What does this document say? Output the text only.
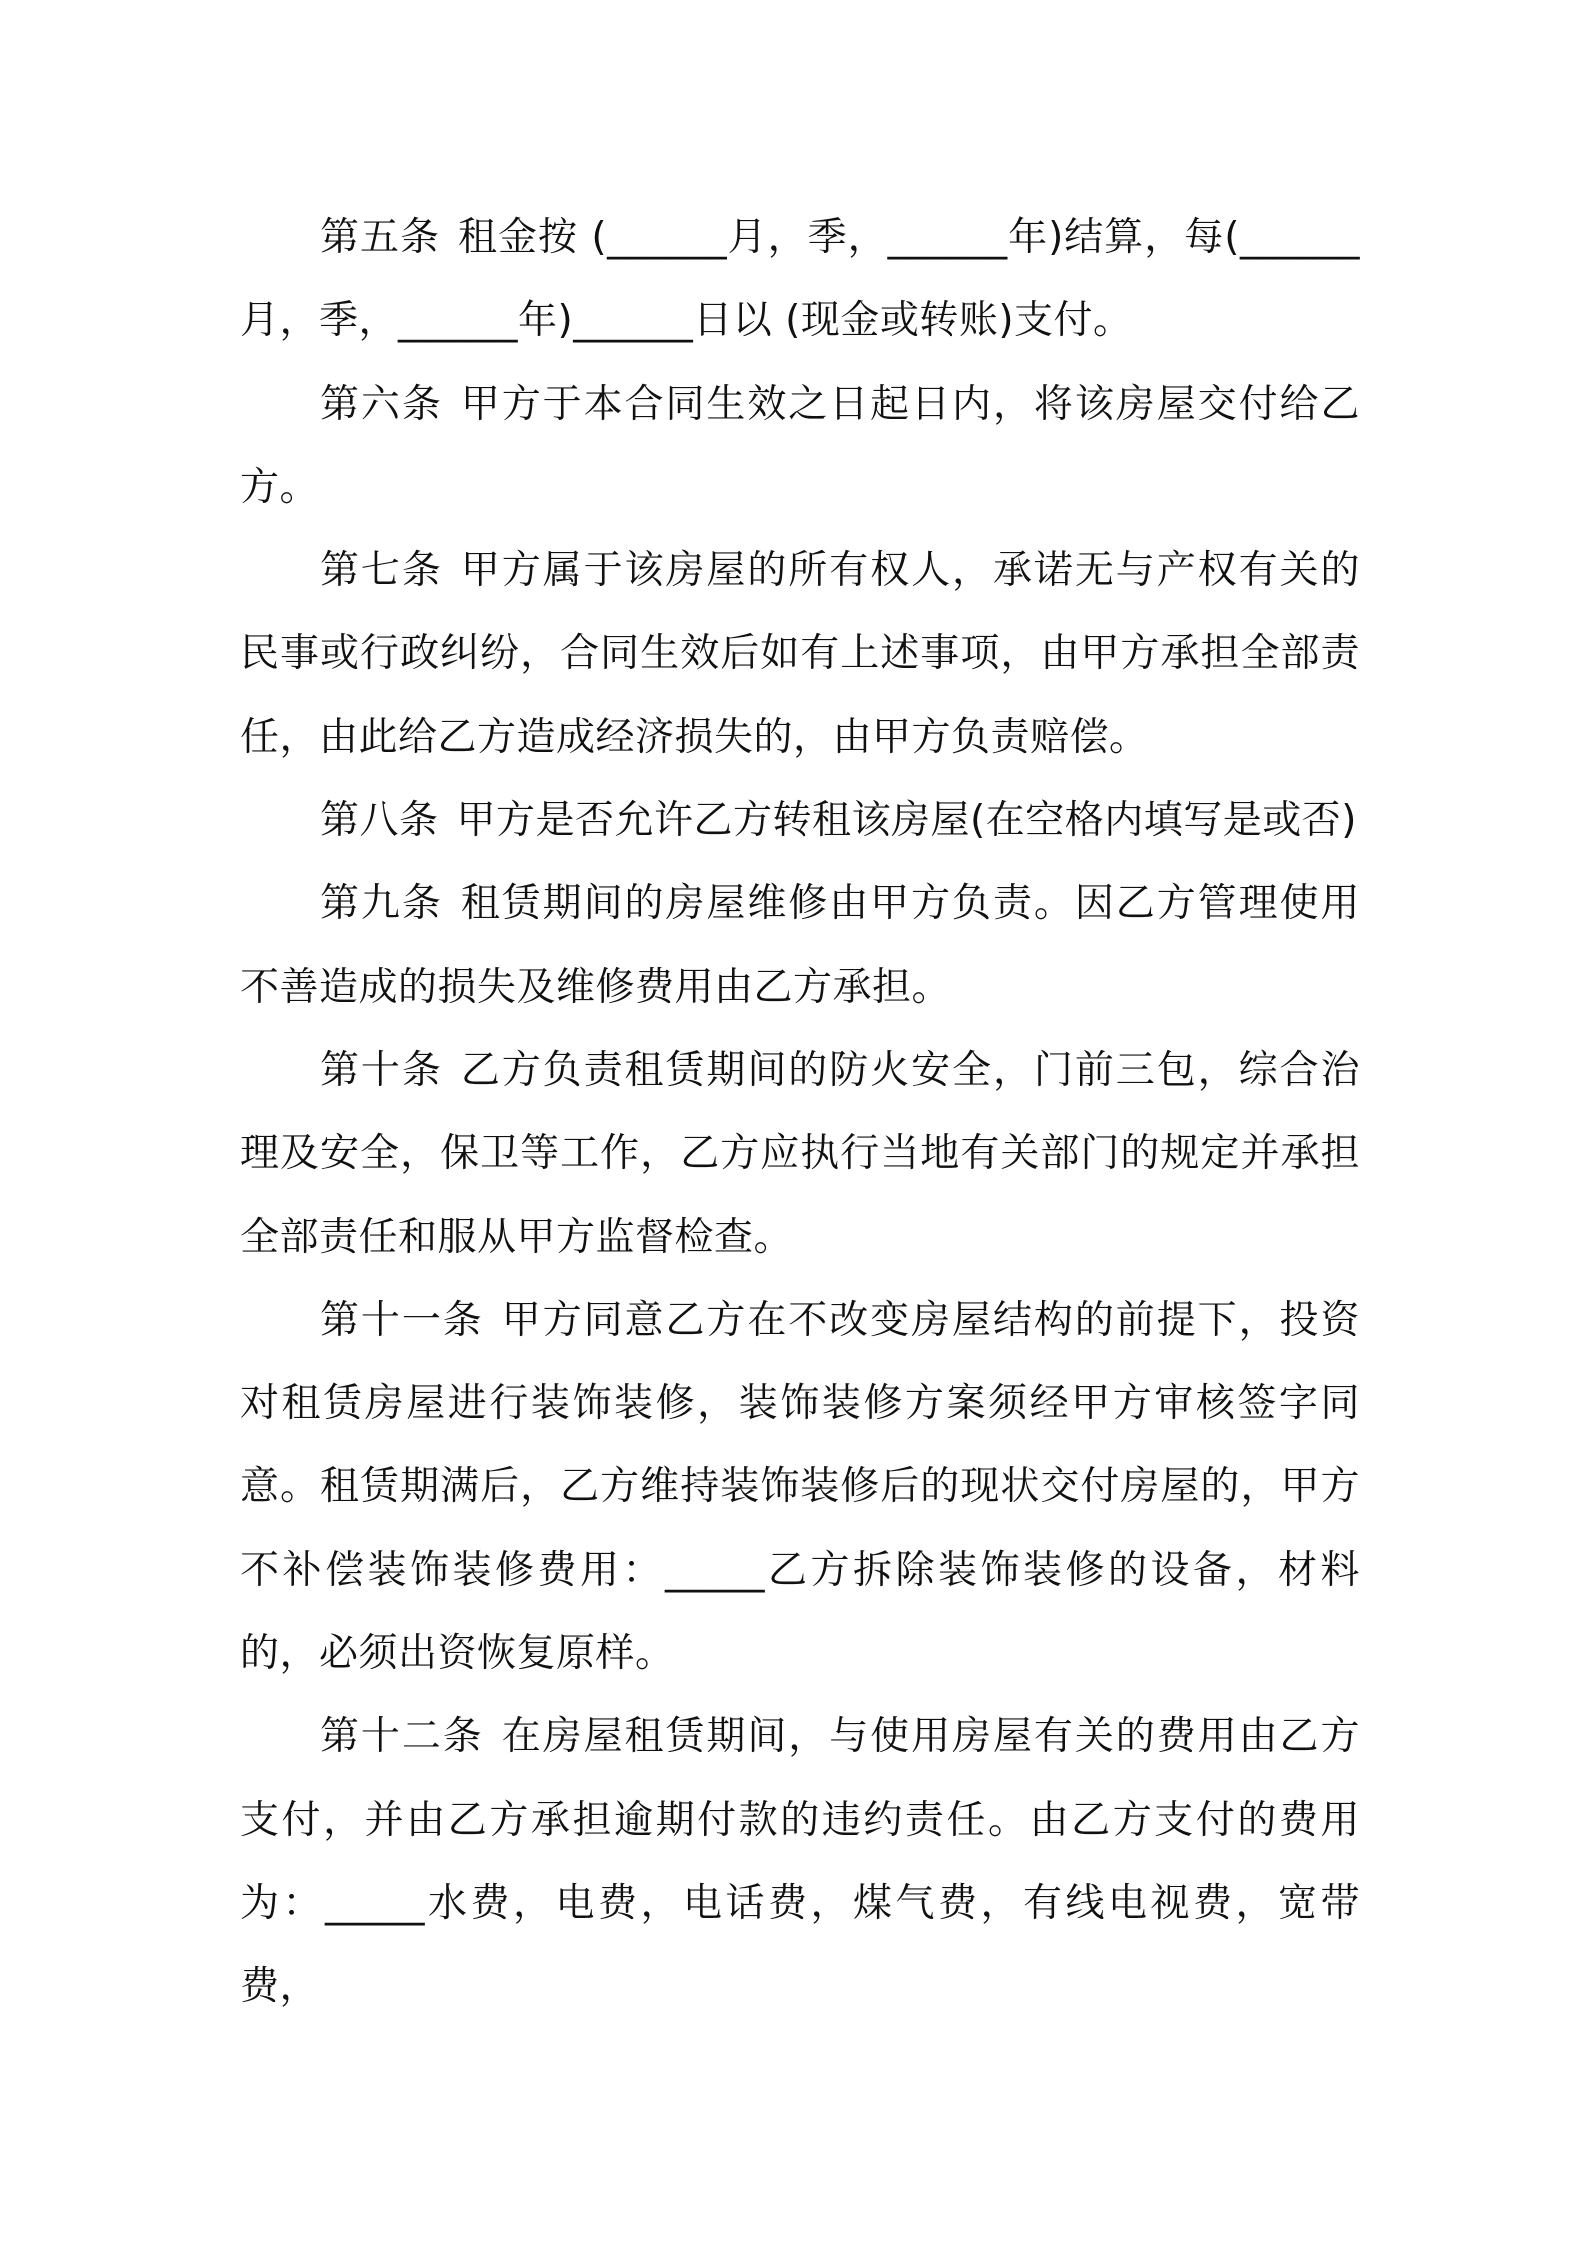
第五条 租金按 (______月，季，______年)结算，每(______月，季，______年)______日以 (现金或转账)支付。

第六条 甲方于本合同生效之日起日内，将该房屋交付给乙方。

第七条 甲方属于该房屋的所有权人，承诺无与产权有关的民事或行政纠纷，合同生效后如有上述事项，由甲方承担全部责任，由此给乙方造成经济损失的，由甲方负责赔偿。

第八条 甲方是否允许乙方转租该房屋(在空格内填写是或否)

第九条 租赁期间的房屋维修由甲方负责。因乙方管理使用不善造成的损失及维修费用由乙方承担。

第十条 乙方负责租赁期间的防火安全，门前三包，综合治理及安全，保卫等工作，乙方应执行当地有关部门的规定并承担全部责任和服从甲方监督检查。

第十一条 甲方同意乙方在不改变房屋结构的前提下，投资对租赁房屋进行装饰装修，装饰装修方案须经甲方审核签字同意。租赁期满后，乙方维持装饰装修后的现状交付房屋的，甲方不补偿装饰装修费用：_____乙方拆除装饰装修的设备，材料的，必须出资恢复原样。

第十二条 在房屋租赁期间，与使用房屋有关的费用由乙方支付，并由乙方承担逾期付款的违约责任。由乙方支付的费用为：_____水费，电费，电话费，煤气费，有线电视费，宽带费，
